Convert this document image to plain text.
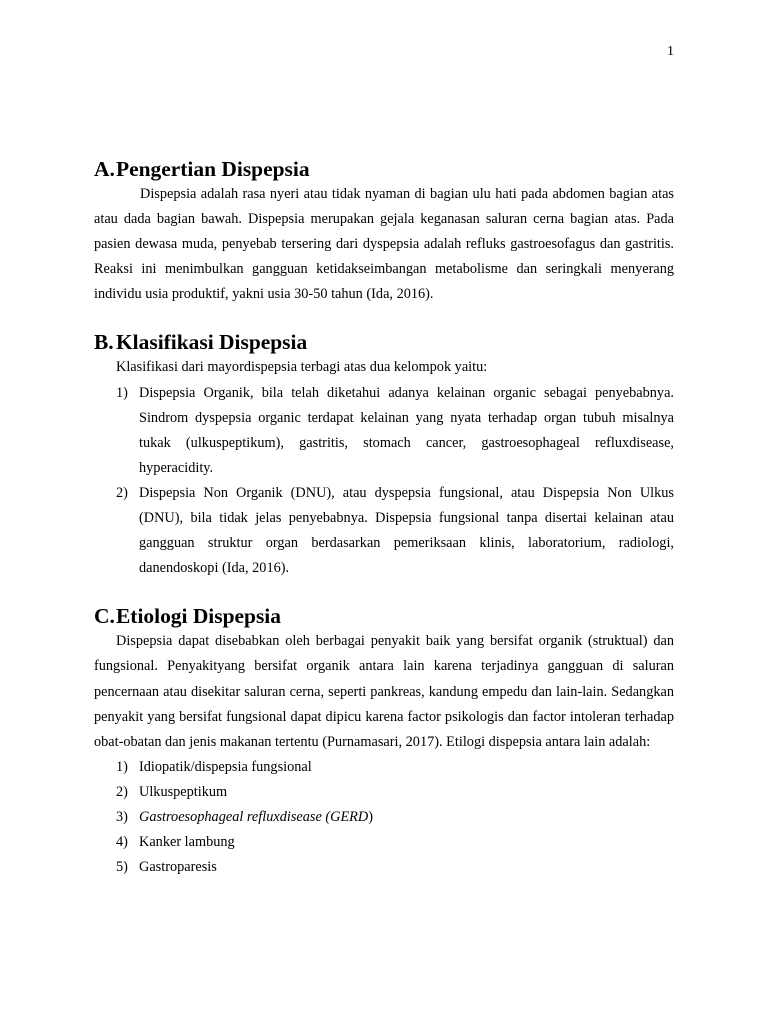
1
A. Pengertian Dispepsia

Dispepsia adalah rasa nyeri atau tidak nyaman di bagian ulu hati pada abdomen bagian atas atau dada bagian bawah. Dispepsia merupakan gejala keganasan saluran cerna bagian atas. Pada pasien dewasa muda, penyebab tersering dari dyspepsia adalah refluks gastroesofagus dan gastritis. Reaksi ini menimbulkan gangguan ketidakseimbangan metabolisme dan seringkali menyerang individu usia produktif, yakni usia 30-50 tahun (Ida, 2016).

B. Klasifikasi Dispepsia

Klasifikasi dari mayordispepsia terbagi atas dua kelompok yaitu:

1) Dispepsia Organik, bila telah diketahui adanya kelainan organic sebagai penyebabnya. Sindrom dyspepsia organic terdapat kelainan yang nyata terhadap organ tubuh misalnya tukak (ulkuspeptikum), gastritis, stomach cancer, gastroesophageal refluxdisease, hyperacidity.
2) Dispepsia Non Organik (DNU), atau dyspepsia fungsional, atau Dispepsia Non Ulkus (DNU), bila tidak jelas penyebabnya. Dispepsia fungsional tanpa disertai kelainan atau gangguan struktur organ berdasarkan pemeriksaan klinis, laboratorium, radiologi, danendoskopi (Ida, 2016).
C. Etiologi Dispepsia

Dispepsia dapat disebabkan oleh berbagai penyakit baik yang bersifat organik (struktual) dan fungsional. Penyakityang bersifat organik antara lain karena terjadinya gangguan di saluran pencernaan atau disekitar saluran cerna, seperti pankreas, kandung empedu dan lain-lain. Sedangkan penyakit yang bersifat fungsional dapat dipicu karena factor psikologis dan factor intoleran terhadap obat-obatan dan jenis makanan tertentu (Purnamasari, 2017). Etilogi dispepsia antara lain adalah:

1) Idiopatik/dispepsia fungsional
2) Ulkuspeptikum
3) Gastroesophageal refluxdisease (GERD)
4) Kanker lambung
5) Gastroparesis
